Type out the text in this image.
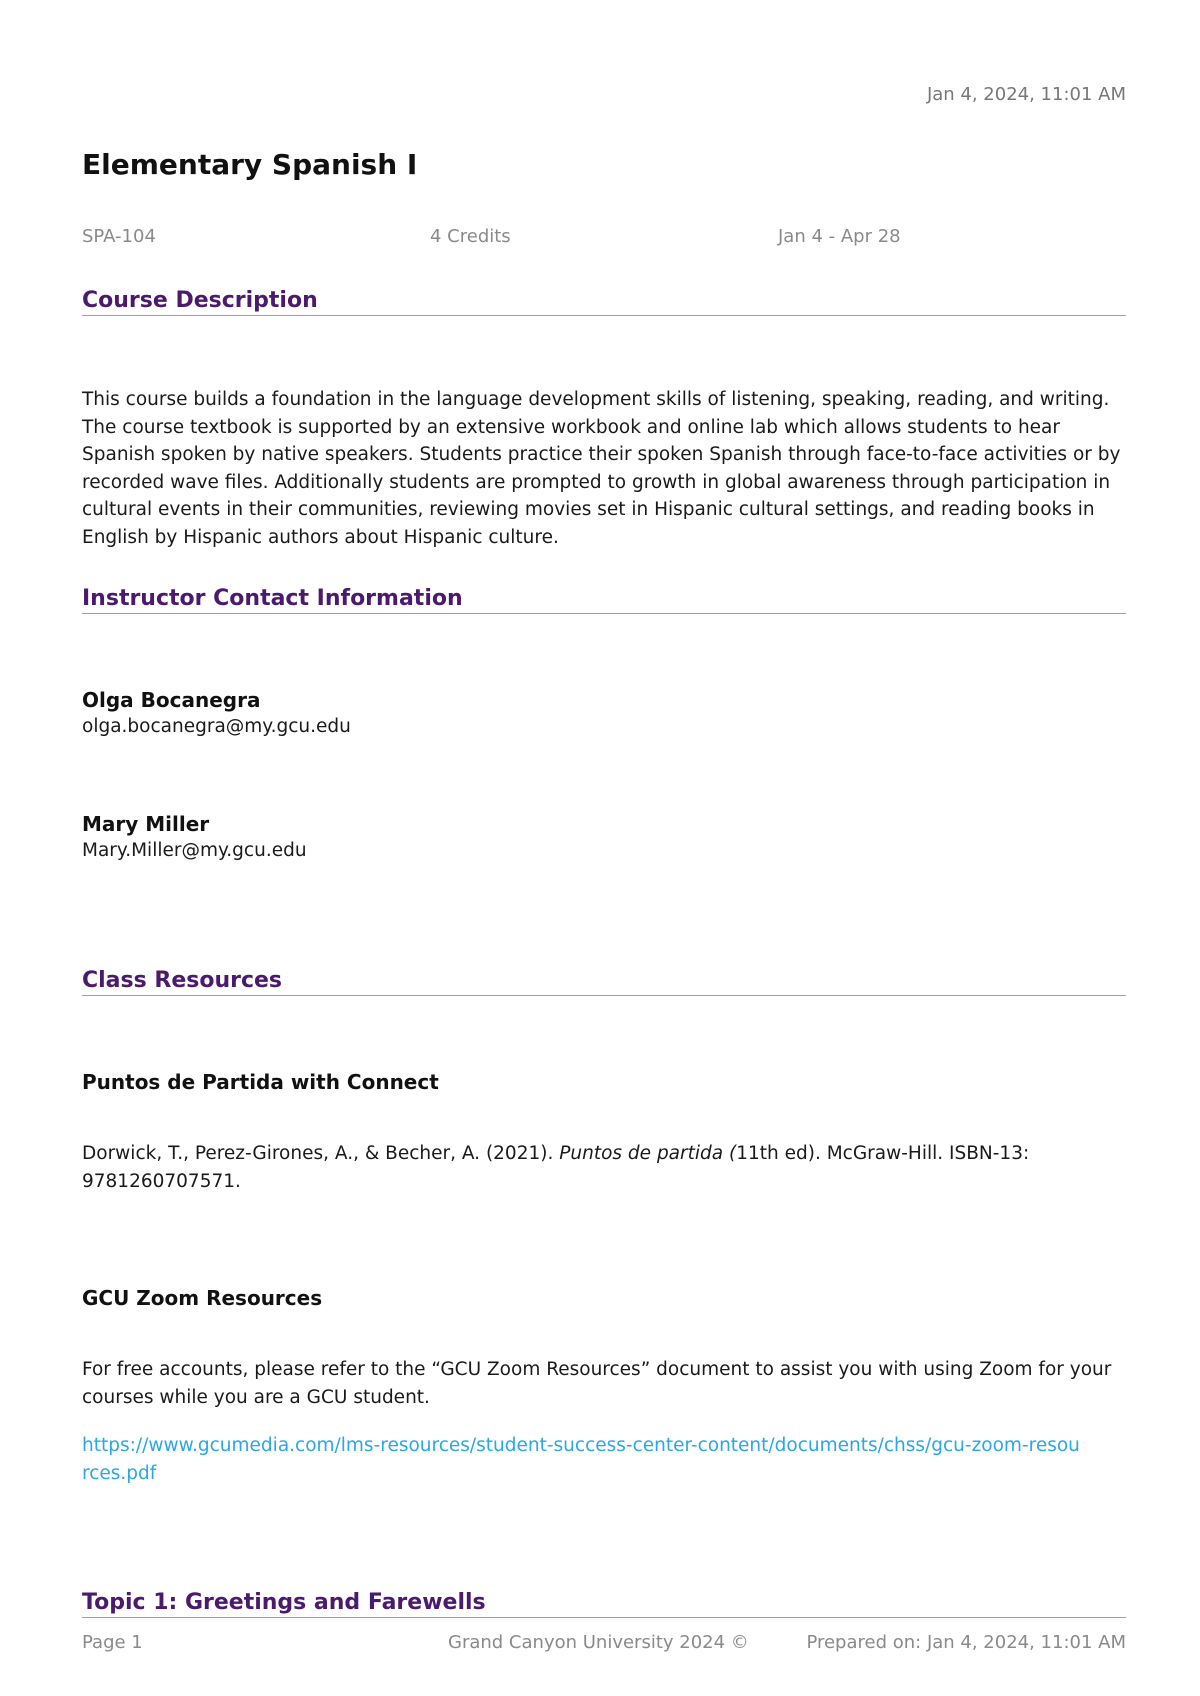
Jan 4, 2024, 11:01 AM
Elementary Spanish I
SPA-104	4 Credits	Jan 4 - Apr 28
Course Description

This course builds a foundation in the language development skills of listening, speaking, reading, and writing. The course textbook is supported by an extensive workbook and online lab which allows students to hear Spanish spoken by native speakers. Students practice their spoken Spanish through face-to-face activities or by recorded wave files. Additionally students are prompted to growth in global awareness through participation in cultural events in their communities, reviewing movies set in Hispanic cultural settings, and reading books in English by Hispanic authors about Hispanic culture.

Instructor Contact Information
Olga Bocanegra
olga.bocanegra@my.gcu.edu
Mary Miller
Mary.Miller@my.gcu.edu
Class Resources
Puntos de Partida with Connect

Dorwick, T., Perez-Girones, A., & Becher, A. (2021). Puntos de partida (11th ed). McGraw-Hill. ISBN-13: 9781260707571.

GCU Zoom Resources

For free accounts, please refer to the “GCU Zoom Resources” document to assist you with using Zoom for your courses while you are a GCU student.

https://www.gcumedia.com/lms-resources/student-success-center-content/documents/chss/gcu-zoom-resources.pdf
Topic 1: Greetings and Farewells
Page 1	Grand Canyon University 2024 ©	Prepared on: Jan 4, 2024, 11:01 AM
